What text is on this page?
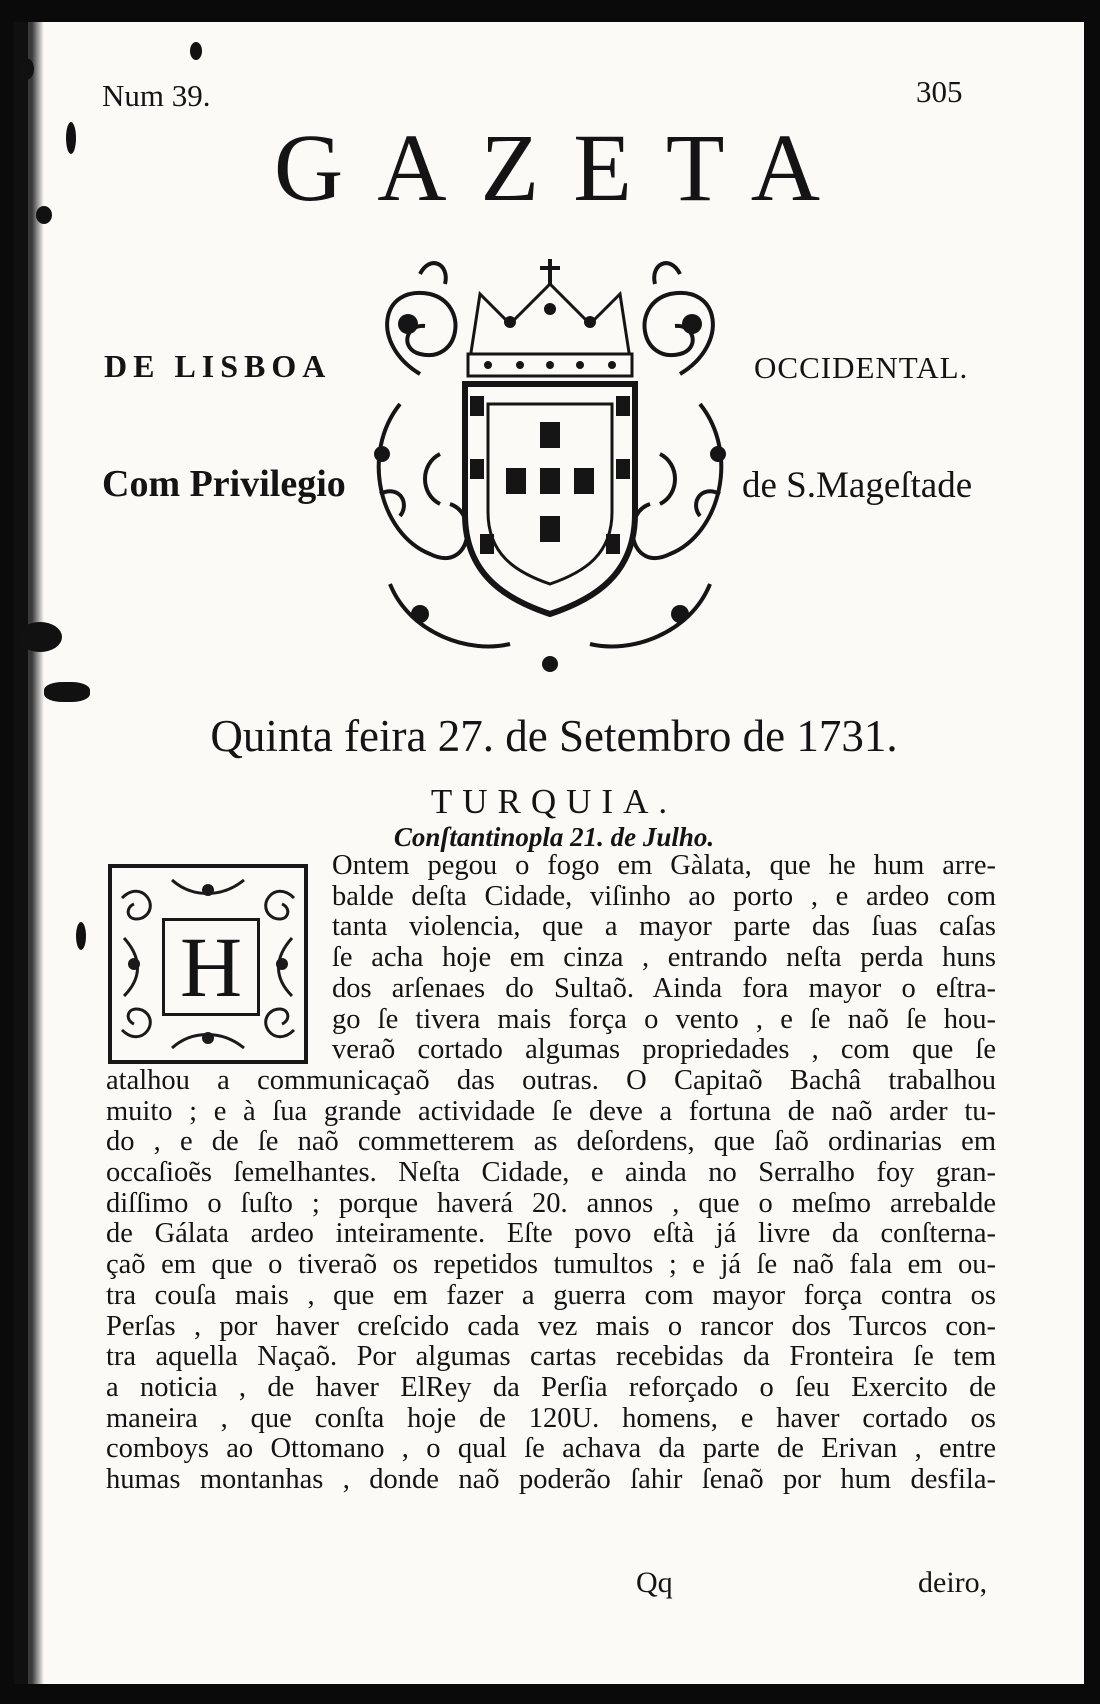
Num 39.	305
GAZETA
DE LISBOA	OCCIDENTAL.
Com Privilegio	de S.Mageſtade
Quinta feira 27. de Setembro de 1731.
TURQUIA.
Conſtantinopla 21. de Julho.
H
Ontem pegou o fogo em Gàlata, que he hum arre-
balde deſta Cidade, viſinho ao porto , e ardeo com
tanta violencia, que a mayor parte das ſuas caſas
ſe acha hoje em cinza , entrando neſta perda huns
dos arſenaes do Sultaõ. Ainda fora mayor o eſtra-
go ſe tivera mais força o vento , e ſe naõ ſe hou-
veraõ cortado algumas propriedades , com que ſe
atalhou a communicaçaõ das outras. O Capitaõ Bachâ trabalhou
muito ; e à ſua grande actividade ſe deve a fortuna de naõ arder tu-
do , e de ſe naõ commetterem as deſordens, que ſaõ ordinarias em
occaſioẽs ſemelhantes. Neſta Cidade, e ainda no Serralho foy gran-
diſſimo o ſuſto ; porque haverá 20. annos , que o meſmo arrebalde
de Gálata ardeo inteiramente. Eſte povo eſtà já livre da conſterna-
çaõ em que o tiveraõ os repetidos tumultos ; e já ſe naõ fala em ou-
tra couſa mais , que em fazer a guerra com mayor força contra os
Perſas , por haver creſcido cada vez mais o rancor dos Turcos con-
tra aquella Naçaõ. Por algumas cartas recebidas da Fronteira ſe tem
a noticia , de haver ElRey da Perſia reforçado o ſeu Exercito de
maneira , que conſta hoje de 120U. homens, e haver cortado os
comboys ao Ottomano , o qual ſe achava da parte de Erivan , entre
humas montanhas , donde naõ poderão ſahir ſenaõ por hum desfila-
Qq	deiro,
